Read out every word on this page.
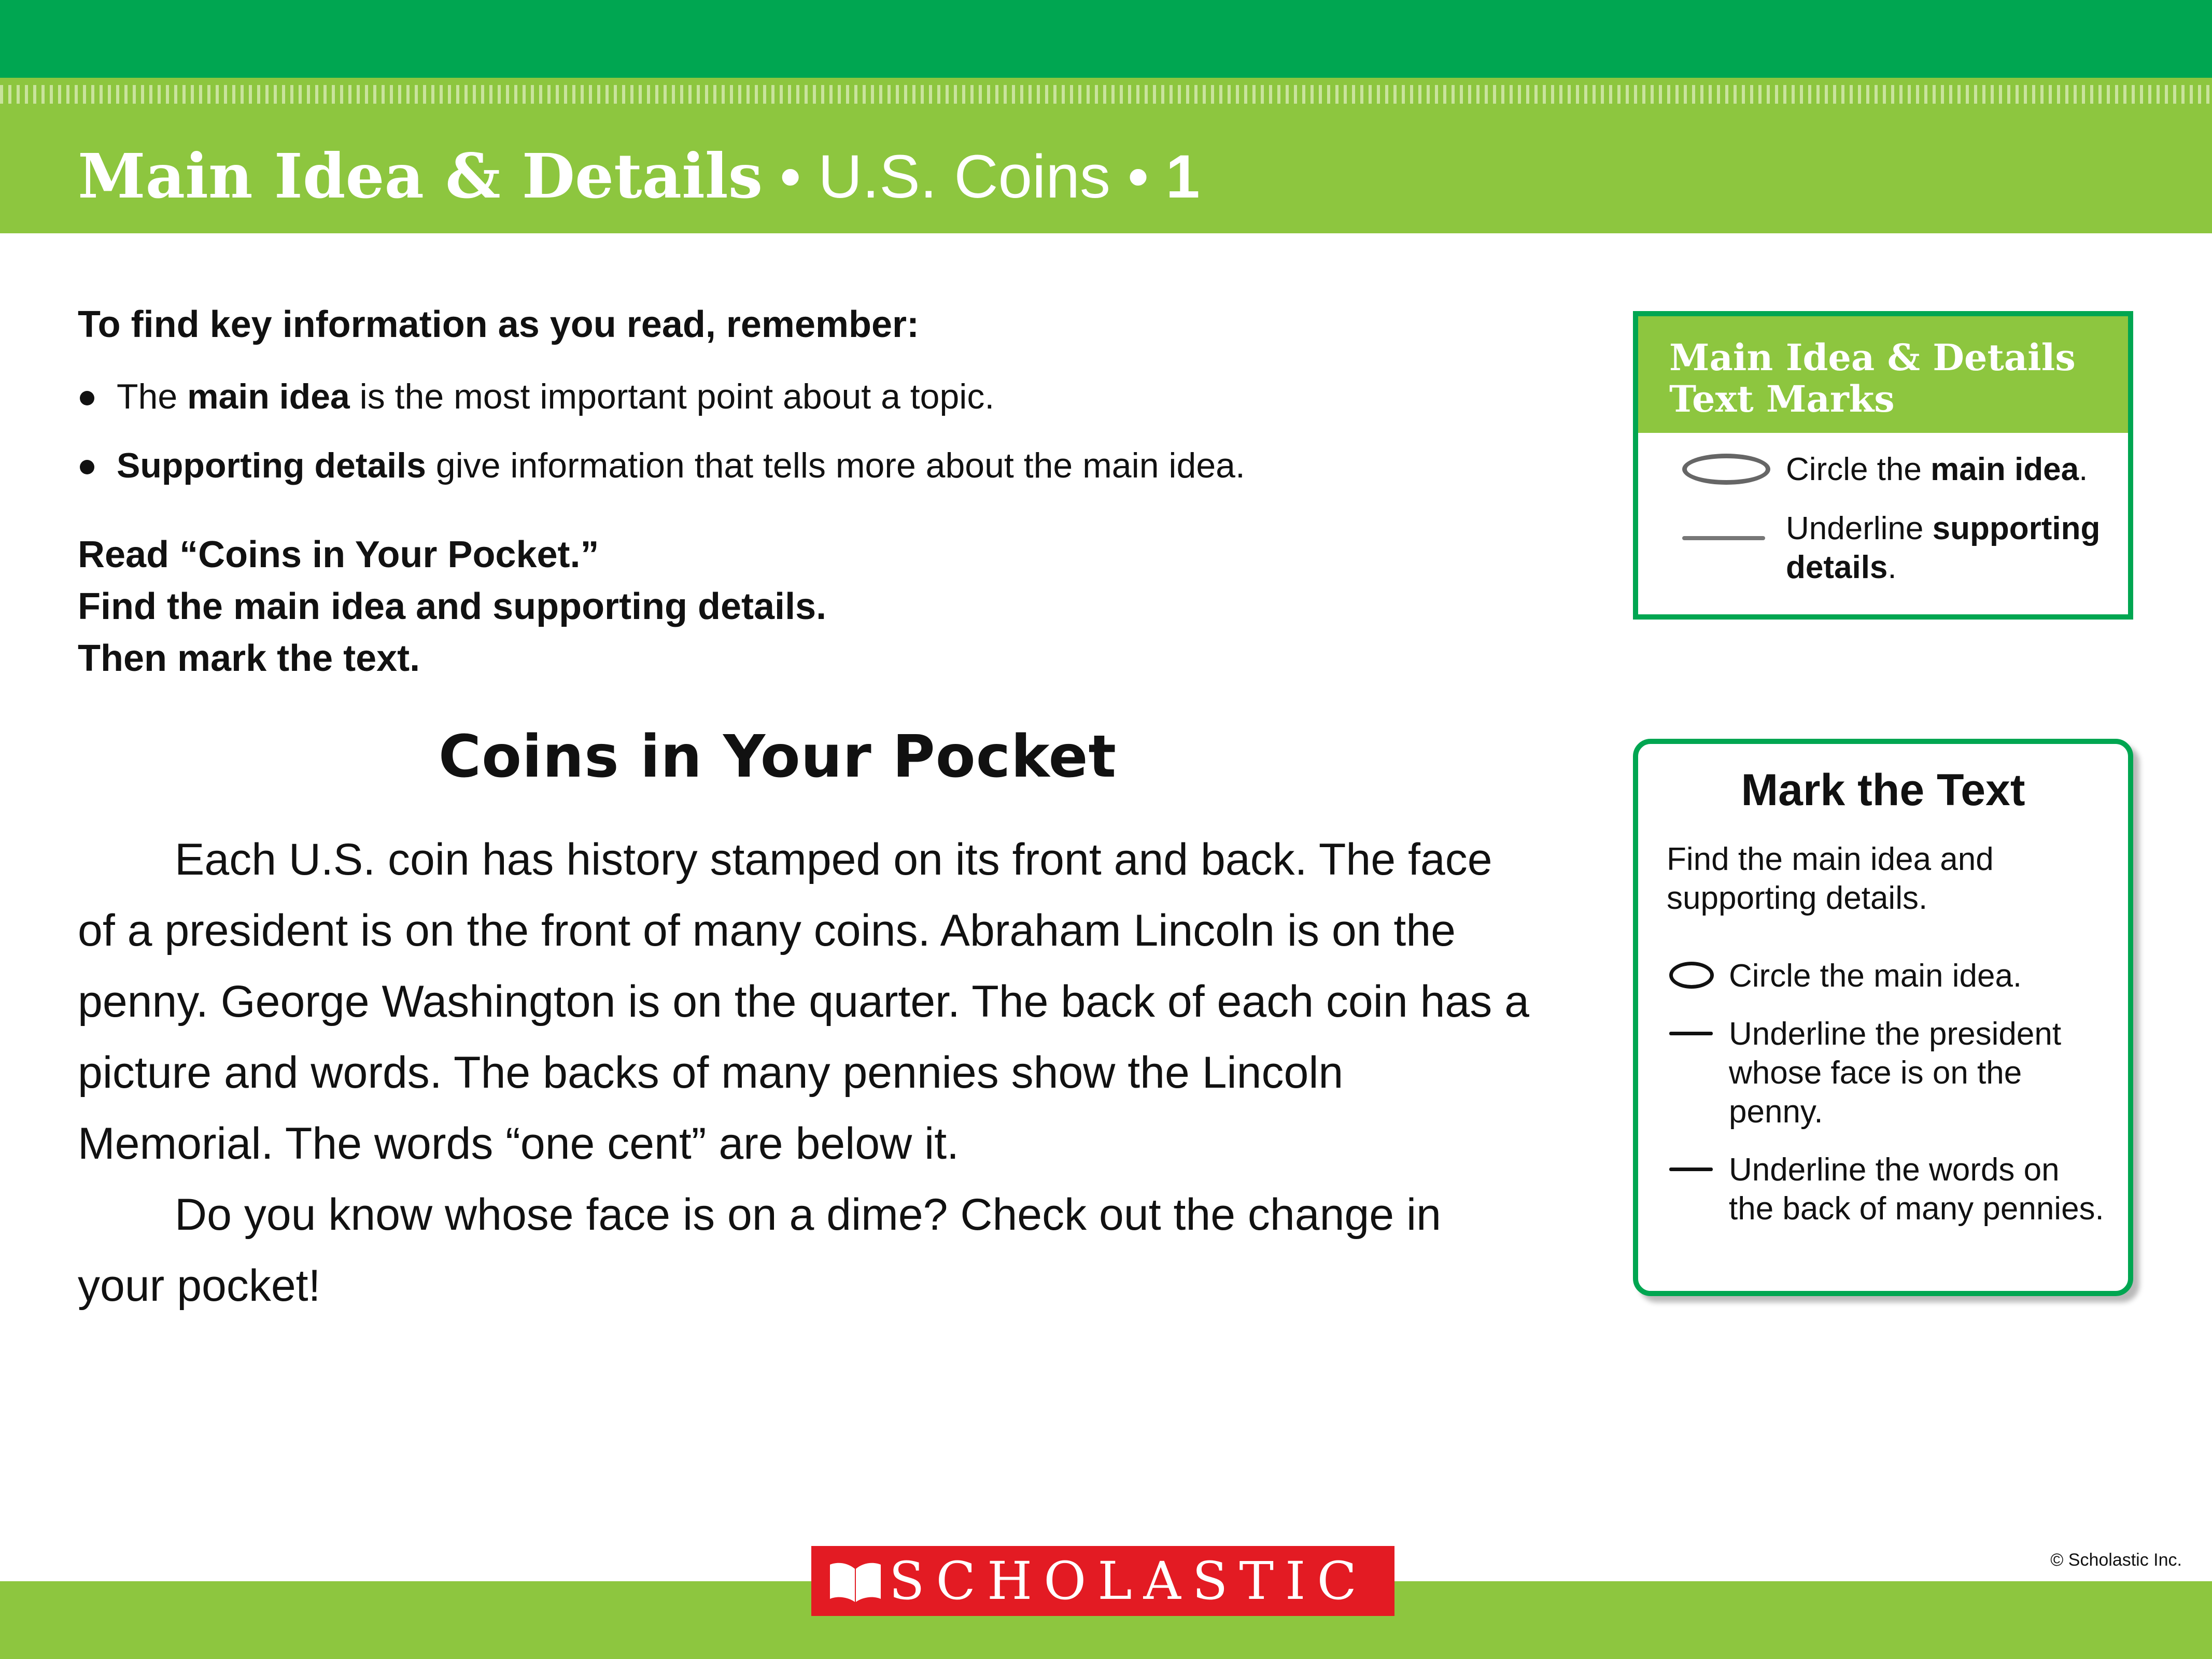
Main Idea & Details • U.S. Coins • 1
To find key information as you read, remember:
The main idea is the most important point about a topic.
Supporting details give information that tells more about the main idea.
Read “Coins in Your Pocket.”
Find the main idea and supporting details.
Then mark the text.
Coins in Your Pocket

Each U.S. coin has history stamped on its front and back. The face of a president is on the front of many coins. Abraham Lincoln is on the penny. George Washington is on the quarter. The back of each coin has a picture and words. The backs of many pennies show the Lincoln Memorial. The words “one cent” are below it.

Do you know whose face is on a dime? Check out the change in your pocket!

Main Idea & Details
Text Marks
Circle the main idea.
Underline supporting details.
Mark the Text
Find the main idea and supporting details.
Circle the main idea.
Underline the president whose face is on the penny.
Underline the words on the back of many pennies.
SCHOLASTIC	© Scholastic Inc.
